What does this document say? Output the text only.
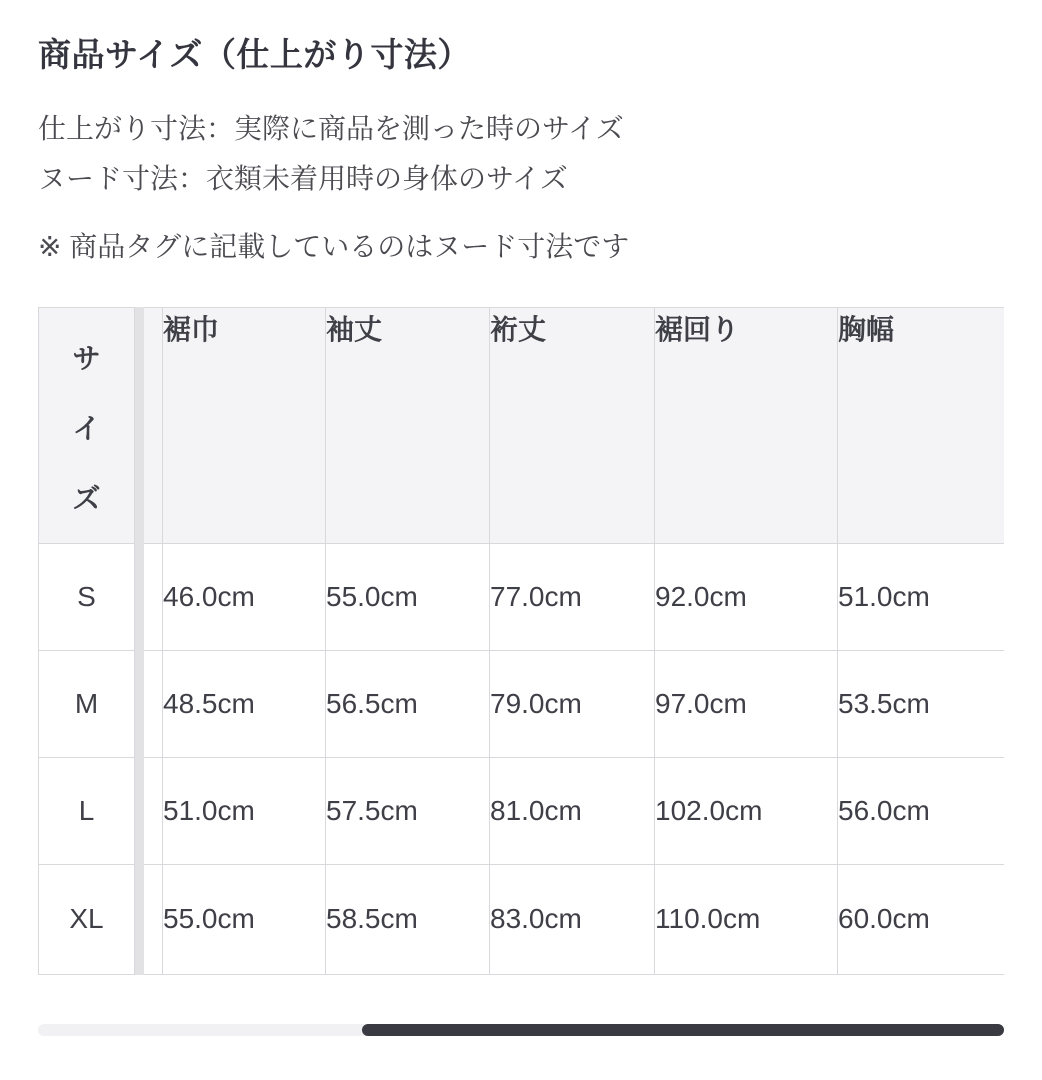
商品サイズ（仕上がり寸法）

仕上がり寸法：実際に商品を測った時のサイズ

ヌード寸法：衣類未着用時の身体のサイズ

※ 商品タグに記載しているのはヌード寸法です

サ
イ
ズ		裾巾	袖丈	裄丈	裾回り	胸幅
S		46.0cm	55.0cm	77.0cm	92.0cm	51.0cm
M		48.5cm	56.5cm	79.0cm	97.0cm	53.5cm
L		51.0cm	57.5cm	81.0cm	102.0cm	56.0cm
XL		55.0cm	58.5cm	83.0cm	110.0cm	60.0cm
